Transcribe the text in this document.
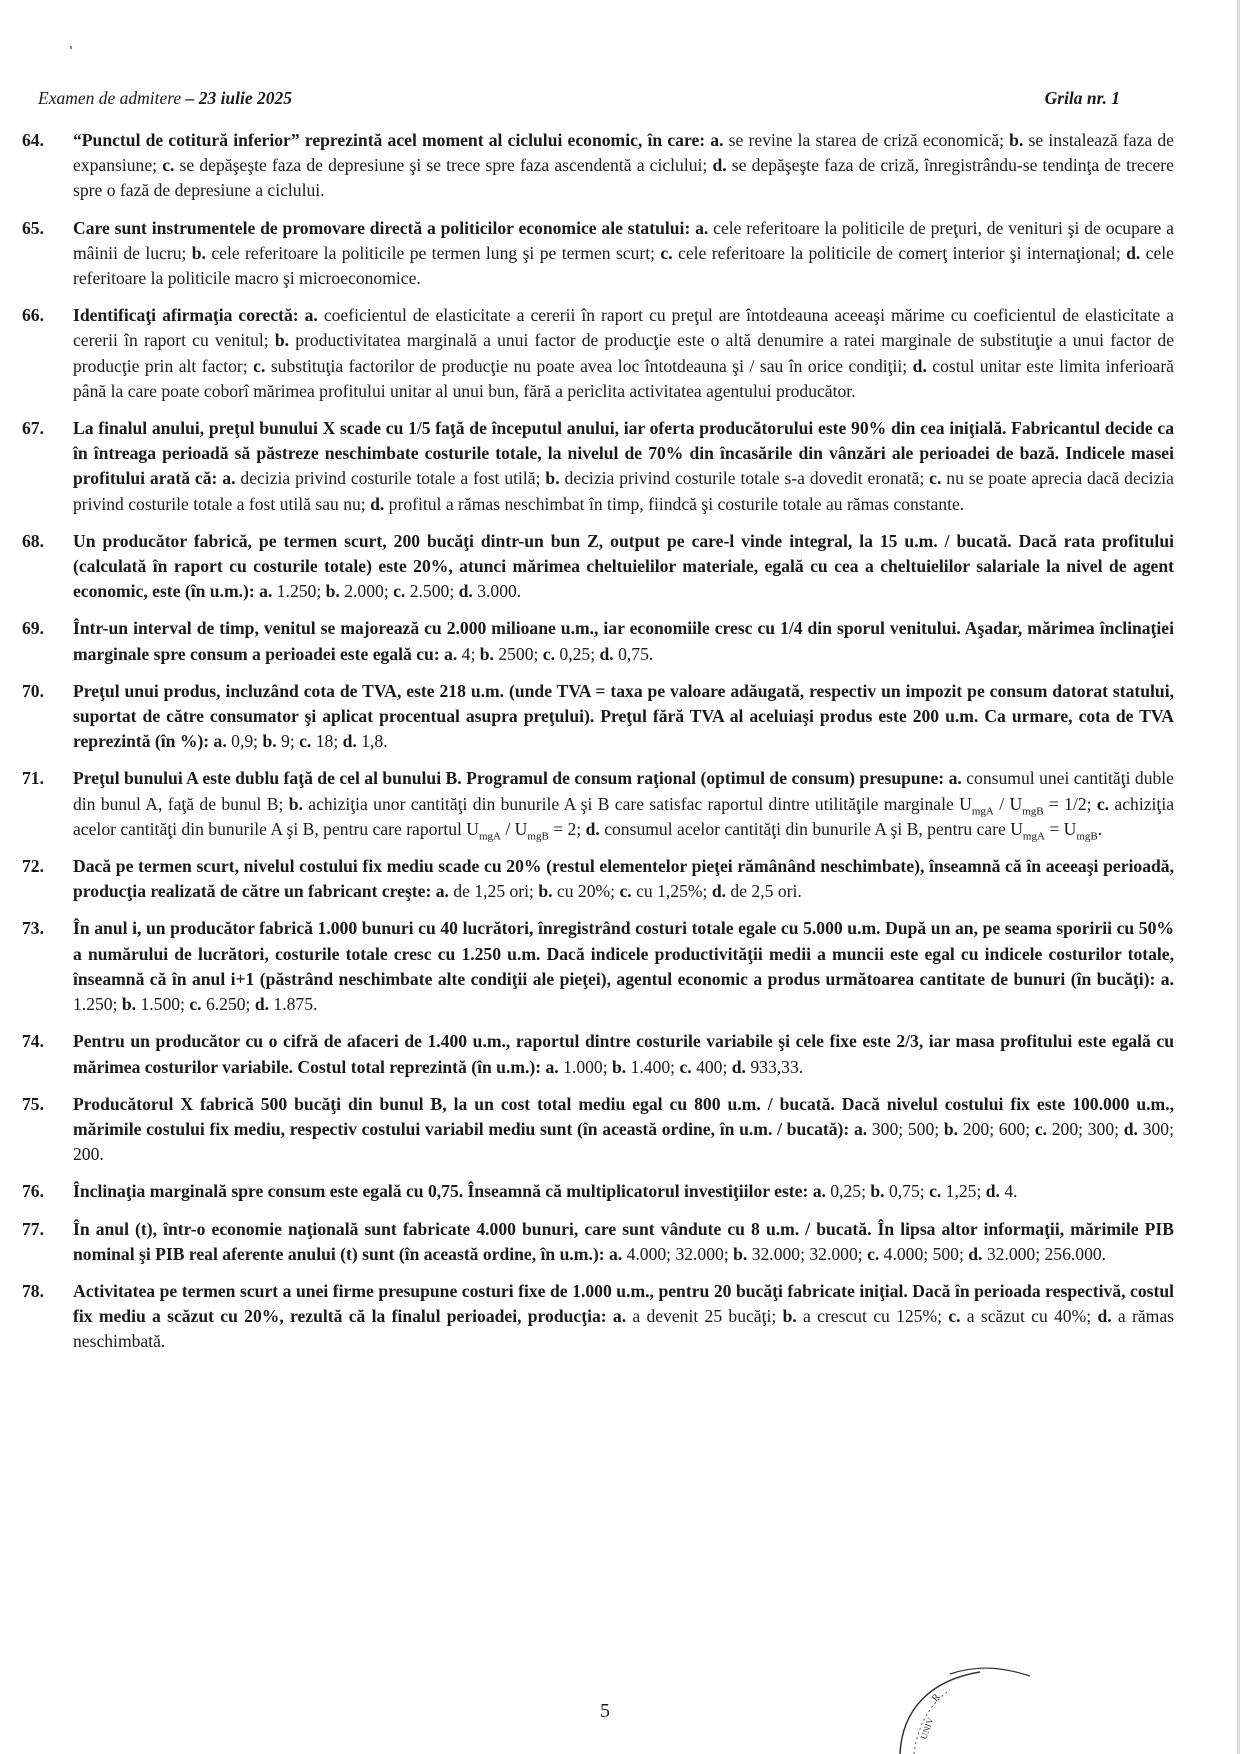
Examen de admitere – 23 iulie 2025	Grila nr. 1
64.	“Punctul de cotitură inferior” reprezintă acel moment al ciclului economic, în care: a. se revine la starea de criză economică; b. se instalează faza de expansiune; c. se depăşeşte faza de depresiune şi se trece spre faza ascendentă a ciclului; d. se depăşeşte faza de criză, înregistrându-se tendinţa de trecere spre o fază de depresiune a ciclului.
65.	Care sunt instrumentele de promovare directă a politicilor economice ale statului: a. cele referitoare la politicile de preţuri, de venituri şi de ocupare a mâinii de lucru; b. cele referitoare la politicile pe termen lung şi pe termen scurt; c. cele referitoare la politicile de comerţ interior şi internaţional; d. cele referitoare la politicile macro şi microeconomice.
66.	Identificaţi afirmaţia corectă: a. coeficientul de elasticitate a cererii în raport cu preţul are întotdeauna aceeaşi mărime cu coeficientul de elasticitate a cererii în raport cu venitul; b. productivitatea marginală a unui factor de producţie este o altă denumire a ratei marginale de substituţie a unui factor de producţie prin alt factor; c. substituţia factorilor de producţie nu poate avea loc întotdeauna şi / sau în orice condiţii; d. costul unitar este limita inferioară până la care poate coborî mărimea profitului unitar al unui bun, fără a periclita activitatea agentului producător.
67.	La finalul anului, preţul bunului X scade cu 1/5 faţă de începutul anului, iar oferta producătorului este 90% din cea iniţială. Fabricantul decide ca în întreaga perioadă să păstreze neschimbate costurile totale, la nivelul de 70% din încasările din vânzări ale perioadei de bază. Indicele masei profitului arată că: a. decizia privind costurile totale a fost utilă; b. decizia privind costurile totale s-a dovedit eronată; c. nu se poate aprecia dacă decizia privind costurile totale a fost utilă sau nu; d. profitul a rămas neschimbat în timp, fiindcă şi costurile totale au rămas constante.
68.	Un producător fabrică, pe termen scurt, 200 bucăţi dintr-un bun Z, output pe care-l vinde integral, la 15 u.m. / bucată. Dacă rata profitului (calculată în raport cu costurile totale) este 20%, atunci mărimea cheltuielilor materiale, egală cu cea a cheltuielilor salariale la nivel de agent economic, este (în u.m.): a. 1.250; b. 2.000; c. 2.500; d. 3.000.
69.	Într-un interval de timp, venitul se majorează cu 2.000 milioane u.m., iar economiile cresc cu 1/4 din sporul venitului. Aşadar, mărimea înclinaţiei marginale spre consum a perioadei este egală cu: a. 4; b. 2500; c. 0,25; d. 0,75.
70.	Preţul unui produs, incluzând cota de TVA, este 218 u.m. (unde TVA = taxa pe valoare adăugată, respectiv un impozit pe consum datorat statului, suportat de către consumator şi aplicat procentual asupra preţului). Preţul fără TVA al aceluiaşi produs este 200 u.m. Ca urmare, cota de TVA reprezintă (în %): a. 0,9; b. 9; c. 18; d. 1,8.
71.	Preţul bunului A este dublu faţă de cel al bunului B. Programul de consum raţional (optimul de consum) presupune: a. consumul unei cantităţi duble din bunul A, faţă de bunul B; b. achiziţia unor cantităţi din bunurile A şi B care satisfac raportul dintre utilităţile marginale $U_{mgA} / U_{mgB} = 1/2$; c. achiziţia acelor cantităţi din bunurile A şi B, pentru care raportul $U_{mgA} / U_{mgB} = 2$; d. consumul acelor cantităţi din bunurile A şi B, pentru care $U_{mgA} = U_{mgB}$.
72.	Dacă pe termen scurt, nivelul costului fix mediu scade cu 20% (restul elementelor pieţei rămânând neschimbate), înseamnă că în aceeaşi perioadă, producţia realizată de către un fabricant creşte: a. de 1,25 ori; b. cu 20%; c. cu 1,25%; d. de 2,5 ori.
73.	În anul i, un producător fabrică 1.000 bunuri cu 40 lucrători, înregistrând costuri totale egale cu 5.000 u.m. După un an, pe seama sporirii cu 50% a numărului de lucrători, costurile totale cresc cu 1.250 u.m. Dacă indicele productivităţii medii a muncii este egal cu indicele costurilor totale, înseamnă că în anul i+1 (păstrând neschimbate alte condiţii ale pieţei), agentul economic a produs următoarea cantitate de bunuri (în bucăţi): a. 1.250; b. 1.500; c. 6.250; d. 1.875.
74.	Pentru un producător cu o cifră de afaceri de 1.400 u.m., raportul dintre costurile variabile şi cele fixe este 2/3, iar masa profitului este egală cu mărimea costurilor variabile. Costul total reprezintă (în u.m.): a. 1.000; b. 1.400; c. 400; d. 933,33.
75.	Producătorul X fabrică 500 bucăţi din bunul B, la un cost total mediu egal cu 800 u.m. / bucată. Dacă nivelul costului fix este 100.000 u.m., mărimile costului fix mediu, respectiv costului variabil mediu sunt (în această ordine, în u.m. / bucată): a. 300; 500; b. 200; 600; c. 200; 300; d. 300; 200.
76.	Înclinaţia marginală spre consum este egală cu 0,75. Înseamnă că multiplicatorul investiţiilor este: a. 0,25; b. 0,75; c. 1,25; d. 4.
77.	În anul (t), într-o economie naţională sunt fabricate 4.000 bunuri, care sunt vândute cu 8 u.m. / bucată. În lipsa altor informaţii, mărimile PIB nominal şi PIB real aferente anului (t) sunt (în această ordine, în u.m.): a. 4.000; 32.000; b. 32.000; 32.000; c. 4.000; 500; d. 32.000; 256.000.
78.	Activitatea pe termen scurt a unei firme presupune costuri fixe de 1.000 u.m., pentru 20 bucăţi fabricate iniţial. Dacă în perioada respectivă, costul fix mediu a scăzut cu 20%, rezultă că la finalul perioadei, producţia: a. a devenit 25 bucăţi; b. a crescut cu 125%; c. a scăzut cu 40%; d. a rămas neschimbată.
5
R
UNIV
